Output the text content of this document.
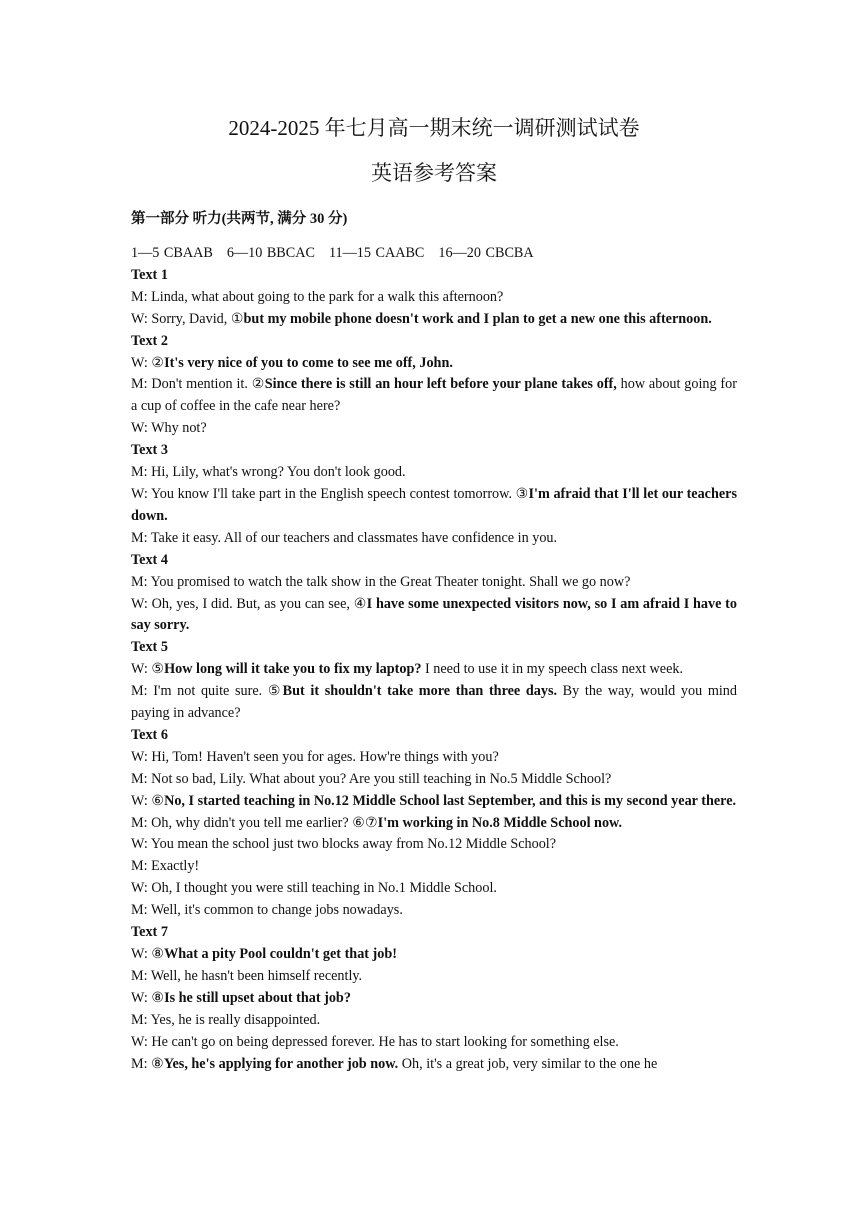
2024-2025 年七月高一期末统一调研测试试卷
英语参考答案
第一部分 听力(共两节, 满分 30 分)
1—5 CBAAB 6—10 BBCAC 11—15 CAABC 16—20 CBCBA
Text 1
M: Linda, what about going to the park for a walk this afternoon?
W: Sorry, David, ①but my mobile phone doesn't work and I plan to get a new one this afternoon.
Text 2
W: ②It's very nice of you to come to see me off, John.
M: Don't mention it. ②Since there is still an hour left before your plane takes off, how about going for a cup of coffee in the cafe near here?
W: Why not?
Text 3
M: Hi, Lily, what's wrong? You don't look good.
W: You know I'll take part in the English speech contest tomorrow. ③I'm afraid that I'll let our teachers down.
M: Take it easy. All of our teachers and classmates have confidence in you.
Text 4
M: You promised to watch the talk show in the Great Theater tonight. Shall we go now?
W: Oh, yes, I did. But, as you can see, ④I have some unexpected visitors now, so I am afraid I have to say sorry.
Text 5
W: ⑤How long will it take you to fix my laptop? I need to use it in my speech class next week.
M: I'm not quite sure. ⑤But it shouldn't take more than three days. By the way, would you mind paying in advance?
Text 6
W: Hi, Tom! Haven't seen you for ages. How're things with you?
M: Not so bad, Lily. What about you? Are you still teaching in No.5 Middle School?
W: ⑥No, I started teaching in No.12 Middle School last September, and this is my second year there.
M: Oh, why didn't you tell me earlier? ⑥⑦I'm working in No.8 Middle School now.
W: You mean the school just two blocks away from No.12 Middle School?
M: Exactly!
W: Oh, I thought you were still teaching in No.1 Middle School.
M: Well, it's common to change jobs nowadays.
Text 7
W: ⑧What a pity Pool couldn't get that job!
M: Well, he hasn't been himself recently.
W: ⑧Is he still upset about that job?
M: Yes, he is really disappointed.
W: He can't go on being depressed forever. He has to start looking for something else.
M: ⑧Yes, he's applying for another job now. Oh, it's a great job, very similar to the one he
